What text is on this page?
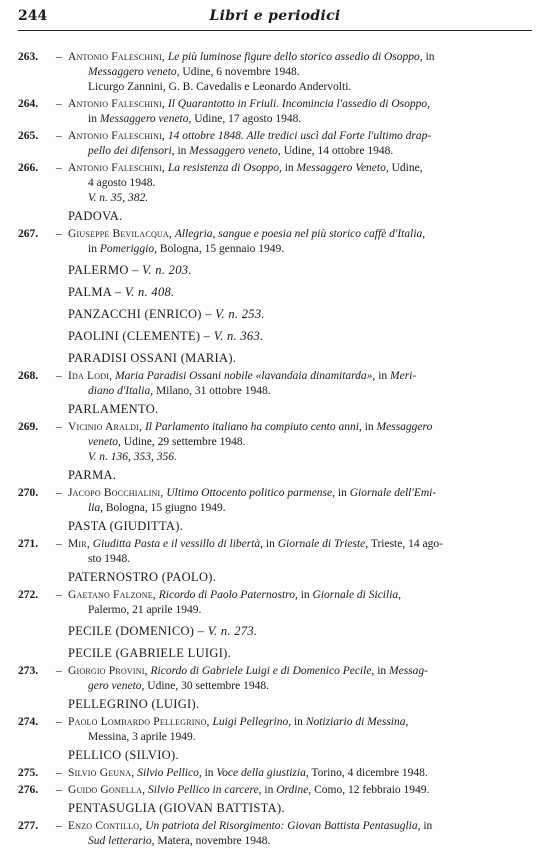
244	Libri e periodici
263.	– Antonio Faleschini, Le più luminose figure dello storico assedio di Osoppo, in
Messaggero veneto, Udine, 6 novembre 1948.
Licurgo Zannini, G. B. Cavedalis e Leonardo Andervolti.
264.	– Antonio Faleschini, Il Quarantotto in Friuli. Incomincia l'assedio di Osoppo,
in Messaggero veneto, Udine, 17 agosto 1948.
265.	– Antonio Faleschini, 14 ottobre 1848. Alle tredici uscì dal Forte l'ultimo drap-
pello dei difensori, in Messaggero veneto, Udine, 14 ottobre 1948.
266.	– Antonio Faleschini, La resistenza di Osoppo, in Messaggero Veneto, Udine,
4 agosto 1948.
V. n. 35, 382.
PADOVA.
267.	– Giuseppe Bevilacqua, Allegria, sangue e poesia nel più storico caffè d'Italia,
in Pomeriggio, Bologna, 15 gennaio 1949.
PALERMO – V. n. 203.
PALMA – V. n. 408.
PANZACCHI (ENRICO) – V. n. 253.
PAOLINI (CLEMENTE) – V. n. 363.
PARADISI OSSANI (MARIA).
268.	– Ida Lodi, Maria Paradisi Ossani nobile «lavandaia dinamitarda», in Meri-
diano d'Italia, Milano, 31 ottobre 1948.
PARLAMENTO.
269.	– Vicinio Araldi, Il Parlamento italiano ha compiuto cento anni, in Messaggero
veneto, Udine, 29 settembre 1948.
V. n. 136, 353, 356.
PARMA.
270.	– Jacopo Bocchialini, Ultimo Ottocento politico parmense, in Giornale dell'Emi-
lia, Bologna, 15 giugno 1949.
PASTA (GIUDITTA).
271.	– Mir, Giuditta Pasta e il vessillo di libertà, in Giornale di Trieste, Trieste, 14 ago-
sto 1948.
PATERNOSTRO (PAOLO).
272.	– Gaetano Falzone, Ricordo di Paolo Paternostro, in Giornale di Sicilia,
Palermo, 21 aprile 1949.
PECILE (DOMENICO) – V. n. 273.
PECILE (GABRIELE LUIGI).
273.	– Giorgio Provini, Ricordo di Gabriele Luigi e di Domenico Pecile, in Messag-
gero veneto, Udine, 30 settembre 1948.
PELLEGRINO (LUIGI).
274.	– Paolo Lombardo Pellegrino, Luigi Pellegrino, in Notiziario di Messina,
Messina, 3 aprile 1949.
PELLICO (SILVIO).
275.	– Silvio Geuna, Silvio Pellico, in Voce della giustizia, Torino, 4 dicembre 1948.
276.	– Guido Gonella, Silvio Pellico in carcere, in Ordine, Como, 12 febbraio 1949.
PENTASUGLIA (GIOVAN BATTISTA).
277.	– Enzo Contillo, Un patriota del Risorgimento: Giovan Battista Pentasuglia, in
Sud letterario, Matera, novembre 1948.
